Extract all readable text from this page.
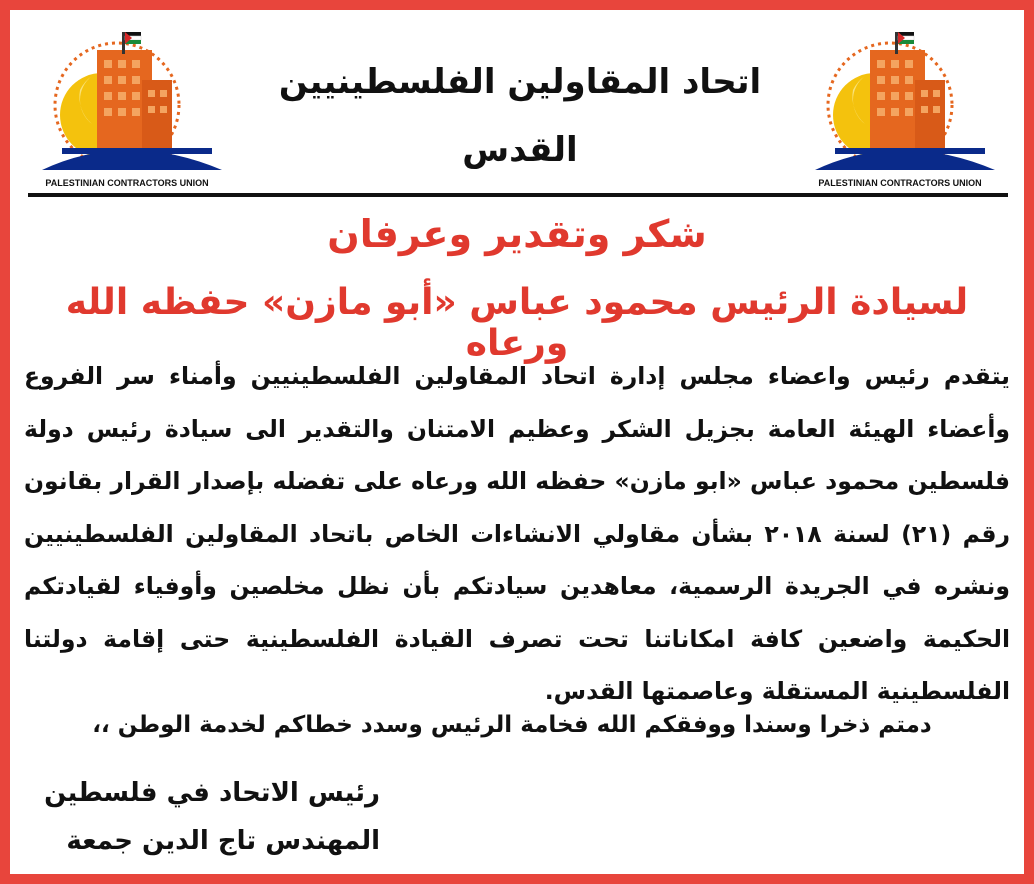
PALESTINIAN CONTRACTORS UNION	PALESTINIAN CONTRACTORS UNION
اتحاد المقاولين الفلسطينيين
القدس
شكر وتقدير وعرفان
لسيادة الرئيس محمود عباس «أبو مازن» حفظه الله ورعاه

يتقدم رئيس واعضاء مجلس إدارة اتحاد المقاولين الفلسطينيين وأمناء سر الفروع وأعضاء الهيئة العامة بجزيل الشكر وعظيم الامتنان والتقدير الى سيادة رئيس دولة فلسطين محمود عباس «ابو مازن» حفظه الله ورعاه على تفضله بإصدار القرار بقانون رقم (٢١) لسنة ٢٠١٨ بشأن مقاولي الانشاءات الخاص باتحاد المقاولين الفلسطينيين ونشره في الجريدة الرسمية، معاهدين سيادتكم بأن نظل مخلصين وأوفياء لقيادتكم الحكيمة واضعين كافة امكاناتنا تحت تصرف القيادة الفلسطينية حتى إقامة دولتنا الفلسطينية المستقلة وعاصمتها القدس.

دمتم ذخرا وسندا ووفقكم الله فخامة الرئيس وسدد خطاكم لخدمة الوطن ،،
رئيس الاتحاد في فلسطين
المهندس تاج الدين جمعة
